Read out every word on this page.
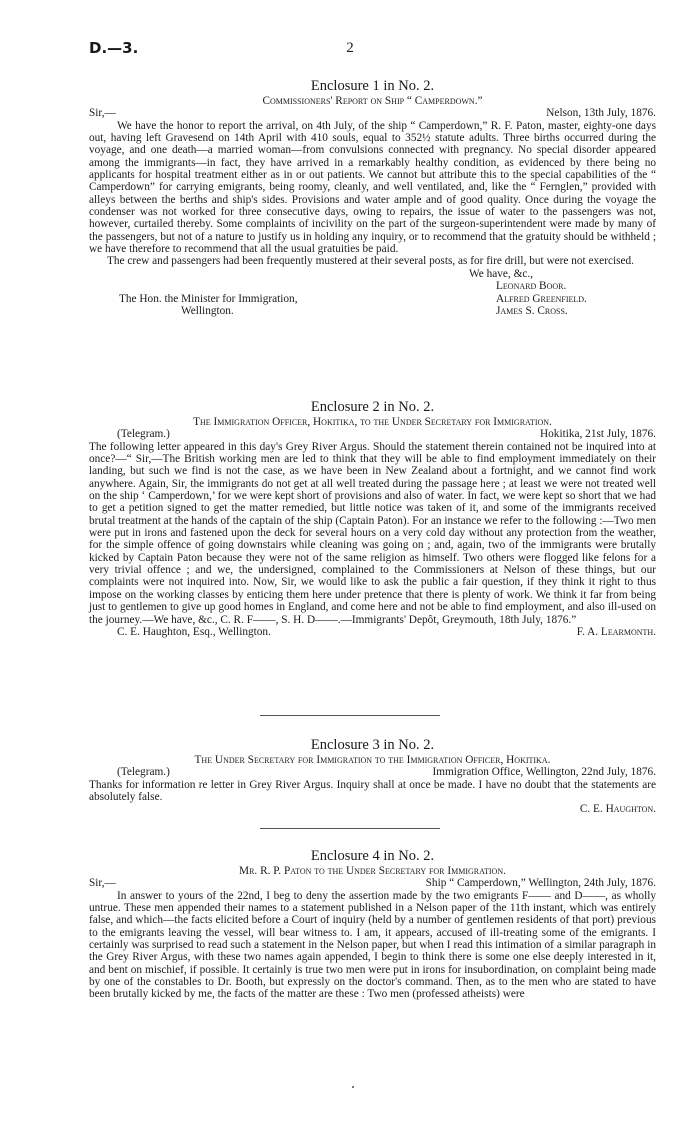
D.—3.	2
Enclosure 1 in No. 2.
Commissioners' Report on Ship “ Camperdown.”
Sir,—	Nelson, 13th July, 1876.

We have the honor to report the arrival, on 4th July, of the ship “ Camperdown,” R. F. Paton, master, eighty-one days out, having left Gravesend on 14th April with 410 souls, equal to 352½ statute adults. Three births occurred during the voyage, and one death—a married woman—from convulsions connected with pregnancy. No special disorder appeared among the immigrants—in fact, they have arrived in a remarkably healthy condition, as evidenced by there being no applicants for hospital treatment either as in or out patients. We cannot but attribute this to the special capabilities of the “ Camperdown” for carrying emigrants, being roomy, cleanly, and well ventilated, and, like the “ Fernglen,” provided with alleys between the berths and ship's sides. Provisions and water ample and of good quality. Once during the voyage the condenser was not worked for three consecutive days, owing to repairs, the issue of water to the passengers was not, however, curtailed thereby. Some complaints of incivility on the part of the surgeon-superintendent were made by many of the passengers, but not of a nature to justify us in holding any inquiry, or to recommend that the gratuity should be withheld ; we have therefore to recommend that all the usual gratuities be paid.

The crew and passengers had been frequently mustered at their several posts, as for fire drill, but were not exercised.

We have, &c.,
The Hon. the Minister for Immigration,
Wellington.
Leonard Boor.
Alfred Greenfield.
James S. Cross.
Enclosure 2 in No. 2.
The Immigration Officer, Hokitika, to the Under Secretary for Immigration.
(Telegram.)	Hokitika, 21st July, 1876.

The following letter appeared in this day's Grey River Argus. Should the statement therein contained not be inquired into at once?—“ Sir,—The British working men are led to think that they will be able to find employment immediately on their landing, but such we find is not the case, as we have been in New Zealand about a fortnight, and we cannot find work anywhere. Again, Sir, the immigrants do not get at all well treated during the passage here ; at least we were not treated well on the ship ‘ Camperdown,’ for we were kept short of provisions and also of water. In fact, we were kept so short that we had to get a petition signed to get the matter remedied, but little notice was taken of it, and some of the immigrants received brutal treatment at the hands of the captain of the ship (Captain Paton). For an instance we refer to the following :—Two men were put in irons and fastened upon the deck for several hours on a very cold day without any protection from the weather, for the simple offence of going downstairs while cleaning was going on ; and, again, two of the immigrants were brutally kicked by Captain Paton because they were not of the same religion as himself. Two others were flogged like felons for a very trivial offence ; and we, the undersigned, complained to the Commissioners at Nelson of these things, but our complaints were not inquired into. Now, Sir, we would like to ask the public a fair question, if they think it right to thus impose on the working classes by enticing them here under pretence that there is plenty of work. We think it far from being just to gentlemen to give up good homes in England, and come here and not be able to find employment, and also ill-used on the journey.—We have, &c., C. R. F——, S. H. D——.—Immigrants' Depôt, Greymouth, 18th July, 1876.”

C. E. Haughton, Esq., Wellington.	F. A. Learmonth.
Enclosure 3 in No. 2.
The Under Secretary for Immigration to the Immigration Officer, Hokitika.
(Telegram.)	Immigration Office, Wellington, 22nd July, 1876.

Thanks for information re letter in Grey River Argus. Inquiry shall at once be made. I have no doubt that the statements are absolutely false.

C. E. Haughton.
Enclosure 4 in No. 2.
Mr. R. P. Paton to the Under Secretary for Immigration.
Sir,—	Ship “ Camperdown,” Wellington, 24th July, 1876.

In answer to yours of the 22nd, I beg to deny the assertion made by the two emigrants F—— and D——, as wholly untrue. These men appended their names to a statement published in a Nelson paper of the 11th instant, which was entirely false, and which—the facts elicited before a Court of inquiry (held by a number of gentlemen residents of that port) previous to the emigrants leaving the vessel, will bear witness to. I am, it appears, accused of ill-treating some of the emigrants. I certainly was surprised to read such a statement in the Nelson paper, but when I read this intimation of a similar paragraph in the Grey River Argus, with these two names again appended, I begin to think there is some one else deeply interested in it, and bent on mischief, if possible. It certainly is true two men were put in irons for insubordination, on complaint being made by one of the constables to Dr. Booth, but expressly on the doctor's command. Then, as to the men who are stated to have been brutally kicked by me, the facts of the matter are these : Two men (professed atheists) were
